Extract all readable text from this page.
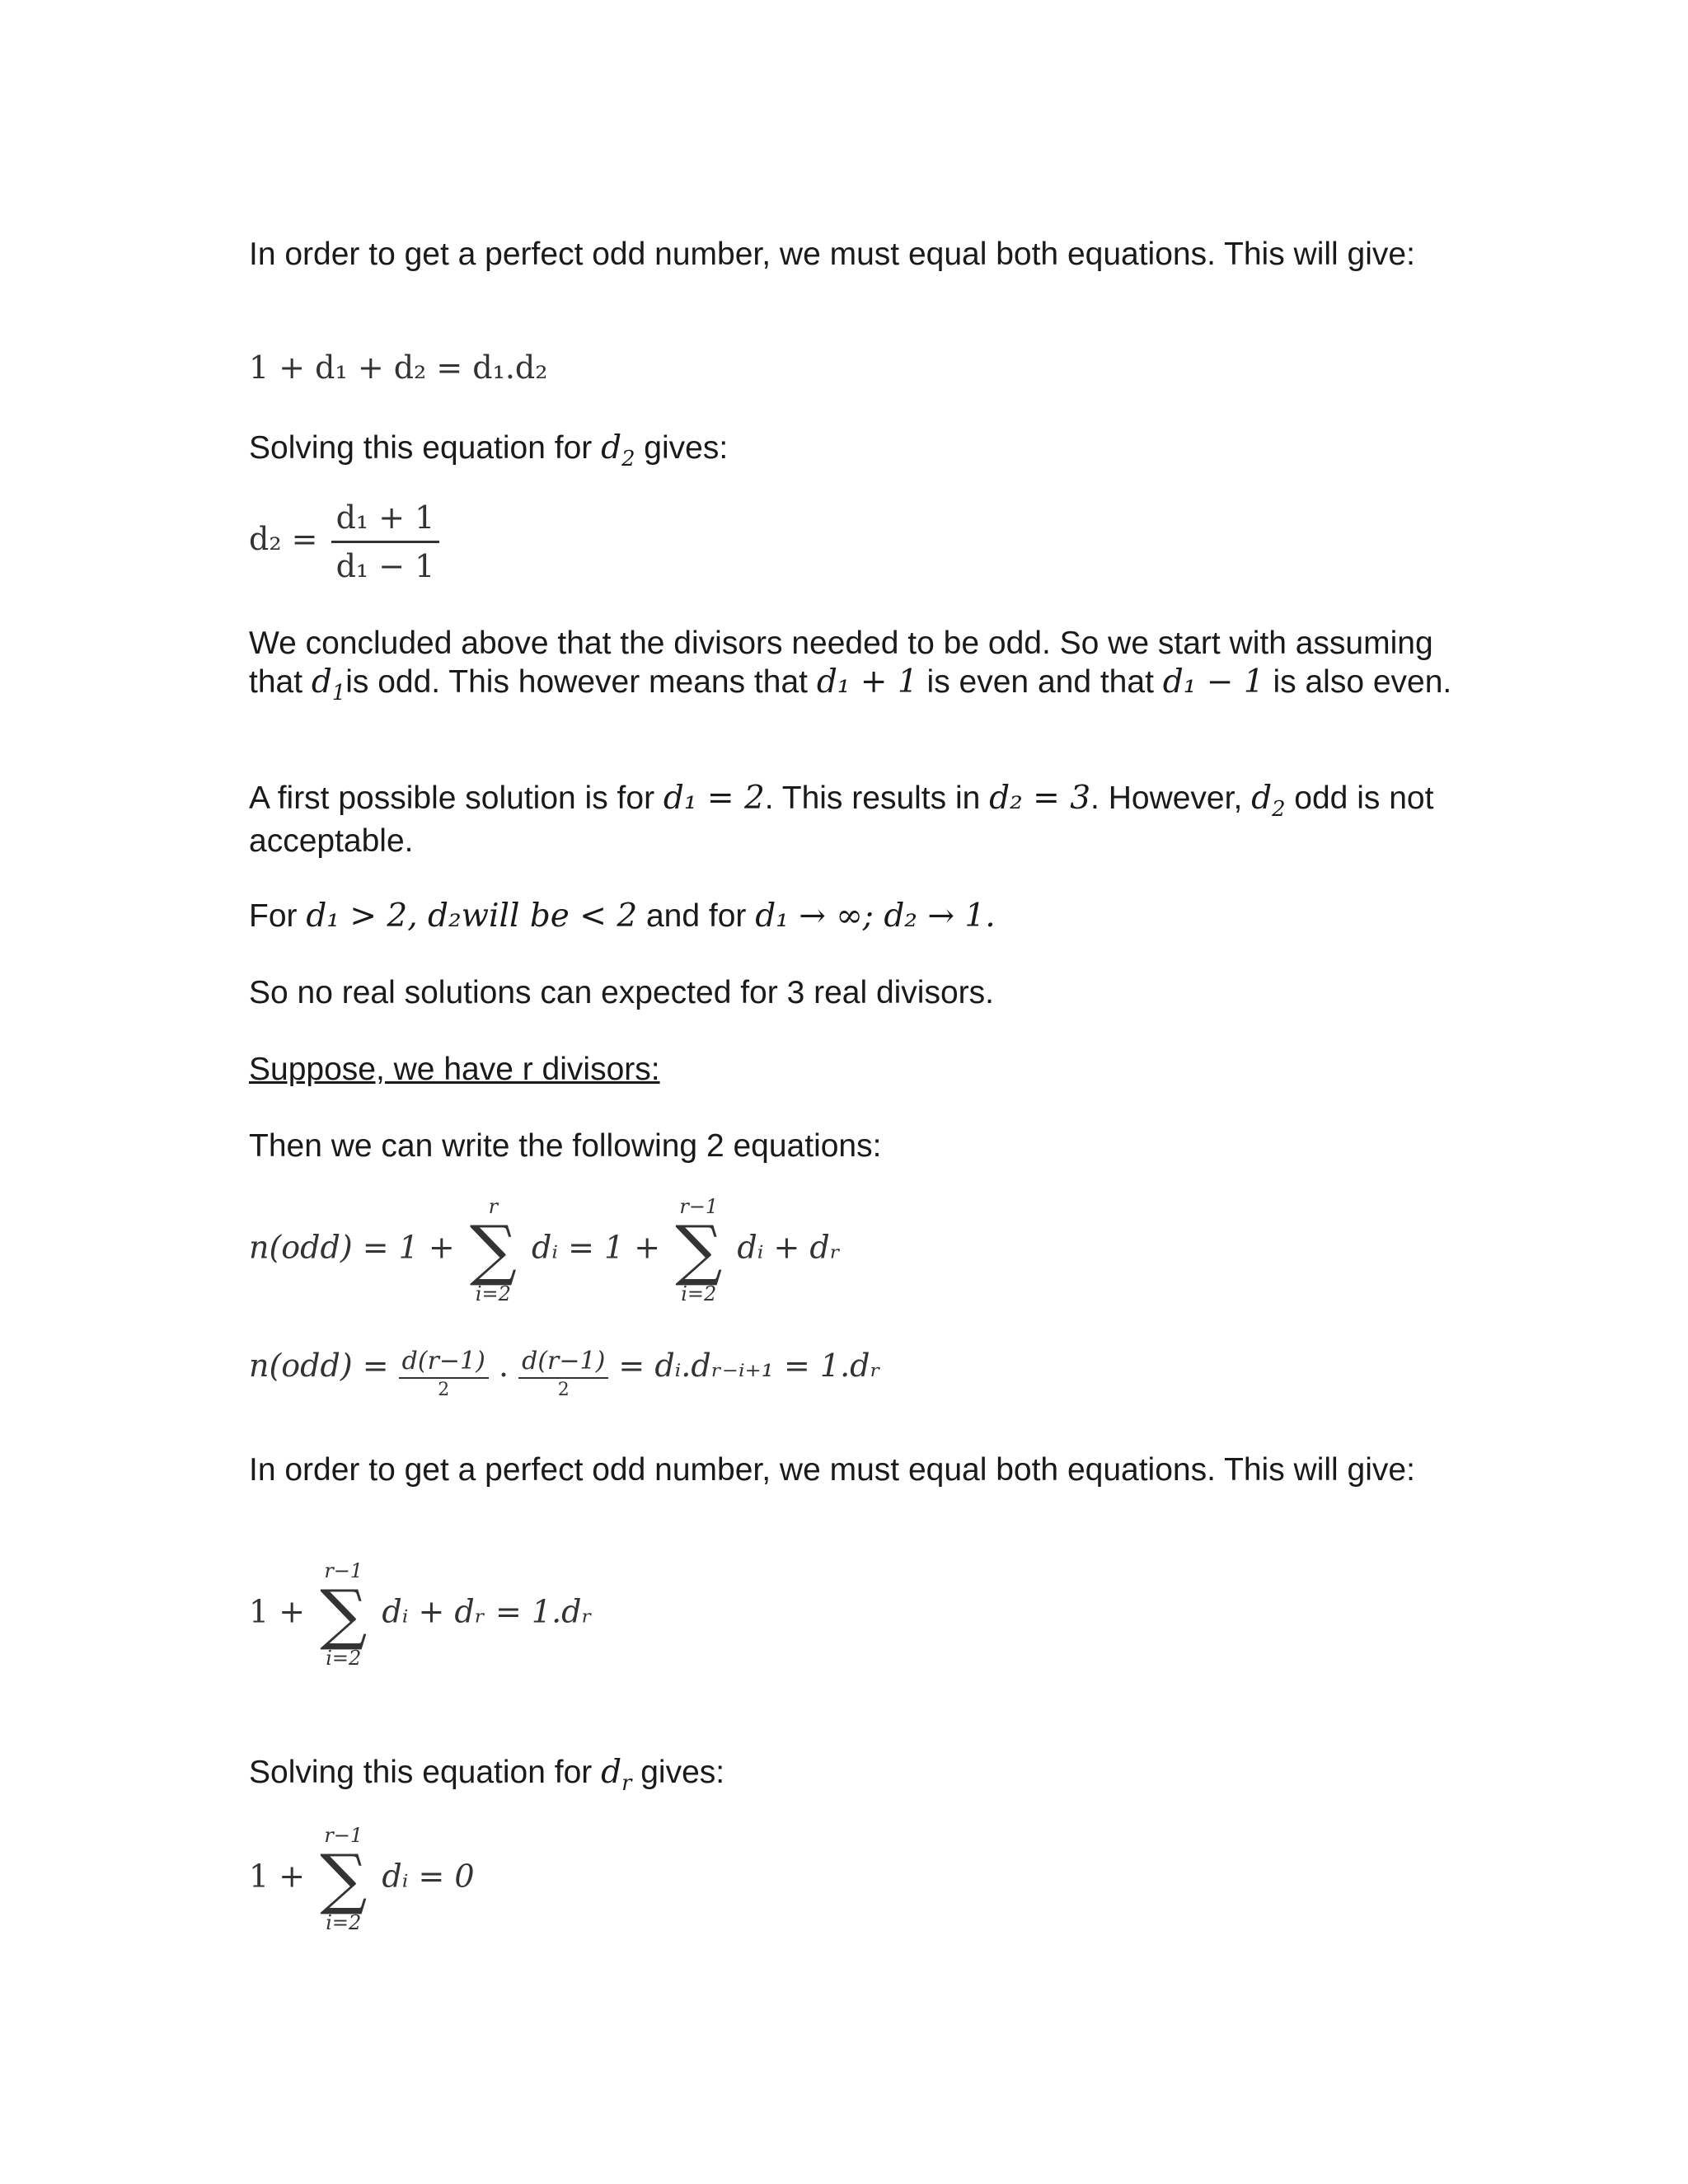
In order to get a perfect odd number, we must equal both equations. This will give:

1 + d₁ + d₂ = d₁.d₂

Solving this equation for $d_2$ gives:

$d_2 = \frac{\text{d₁ + 1}}{\text{d₁ − 1}}$

We concluded above that the divisors needed to be odd. So we start with assuming that $d_1is$ odd. This however means that d₁ + 1 is even and that d₁ − 1 is also even.

A first possible solution is for d₁ = 2. This results in d₂ = 3. However, $d_2$ odd is not acceptable.

For d₁ > 2, d₂will be < 2 and for d₁ → ∞; d₂ → 1.

So no real solutions can expected for 3 real divisors.

Suppose, we have r divisors:

Then we can write the following 2 equations:

n(odd) = 1 +
r
∑
i=2
dᵢ = 1 +
r−1
∑
i=2
dᵢ + dᵣ
n(odd) = d(r−1)
2
. d(r−1)
2
= dᵢ.dᵣ₋ᵢ₊₁ = 1.dᵣ

In order to get a perfect odd number, we must equal both equations. This will give:

1 +
r−1
∑
i=2
dᵢ + dᵣ = 1.dᵣ

Solving this equation for $d_r$ gives:

1 +
r−1
∑
i=2
dᵢ = 0
